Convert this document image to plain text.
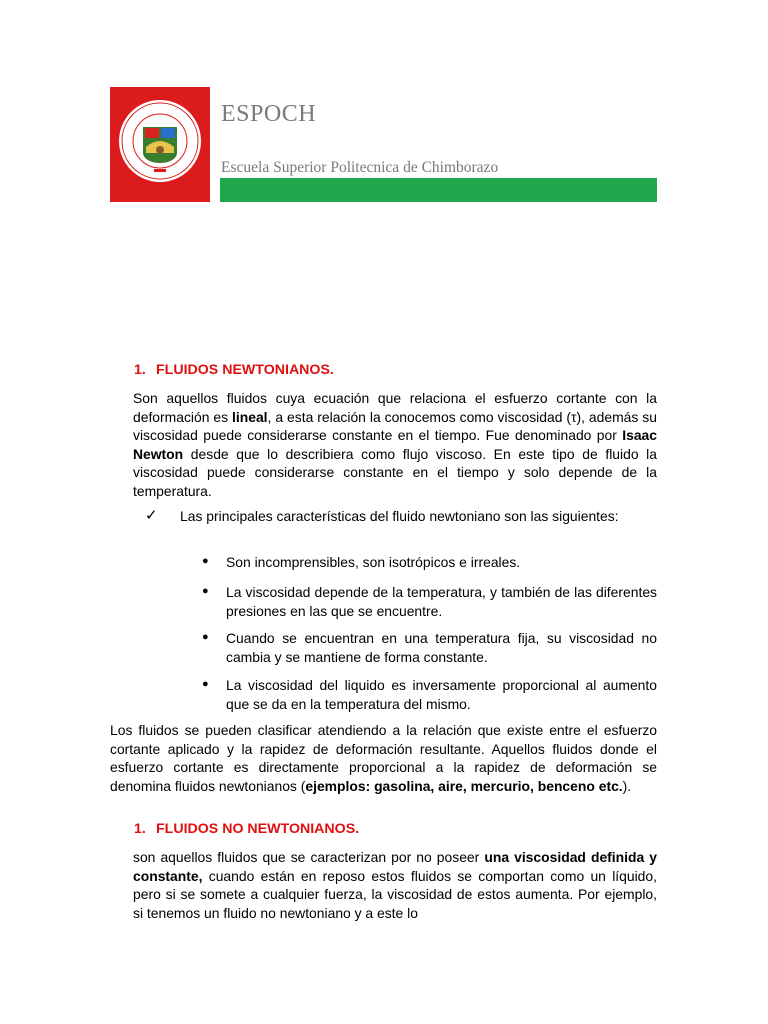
ESPOCH
Escuela Superior Politecnica de Chimborazo
1. FLUIDOS NEWTONIANOS.
Son aquellos fluidos cuya ecuación que relaciona el esfuerzo cortante con la deformación es lineal, a esta relación la conocemos como viscosidad (τ), además su viscosidad puede considerarse constante en el tiempo. Fue denominado por Isaac Newton desde que lo describiera como flujo viscoso. En este tipo de fluido la viscosidad puede considerarse constante en el tiempo y solo depende de la temperatura.
✓ Las principales características del fluido newtoniano son las siguientes:
● Son incomprensibles, son isotrópicos e irreales.
● La viscosidad depende de la temperatura, y también de las diferentes presiones en las que se encuentre.
● Cuando se encuentran en una temperatura fija, su viscosidad no cambia y se mantiene de forma constante.
● La viscosidad del liquido es inversamente proporcional al aumento que se da en la temperatura del mismo.
Los fluidos se pueden clasificar atendiendo a la relación que existe entre el esfuerzo cortante aplicado y la rapidez de deformación resultante. Aquellos fluidos donde el esfuerzo cortante es directamente proporcional a la rapidez de deformación se denomina fluidos newtonianos (ejemplos: gasolina, aire, mercurio, benceno etc.).
1. FLUIDOS NO NEWTONIANOS.
son aquellos fluidos que se caracterizan por no poseer una viscosidad definida y constante, cuando están en reposo estos fluidos se comportan como un líquido, pero si se somete a cualquier fuerza, la viscosidad de estos aumenta. Por ejemplo, si tenemos un fluido no newtoniano y a este lo
